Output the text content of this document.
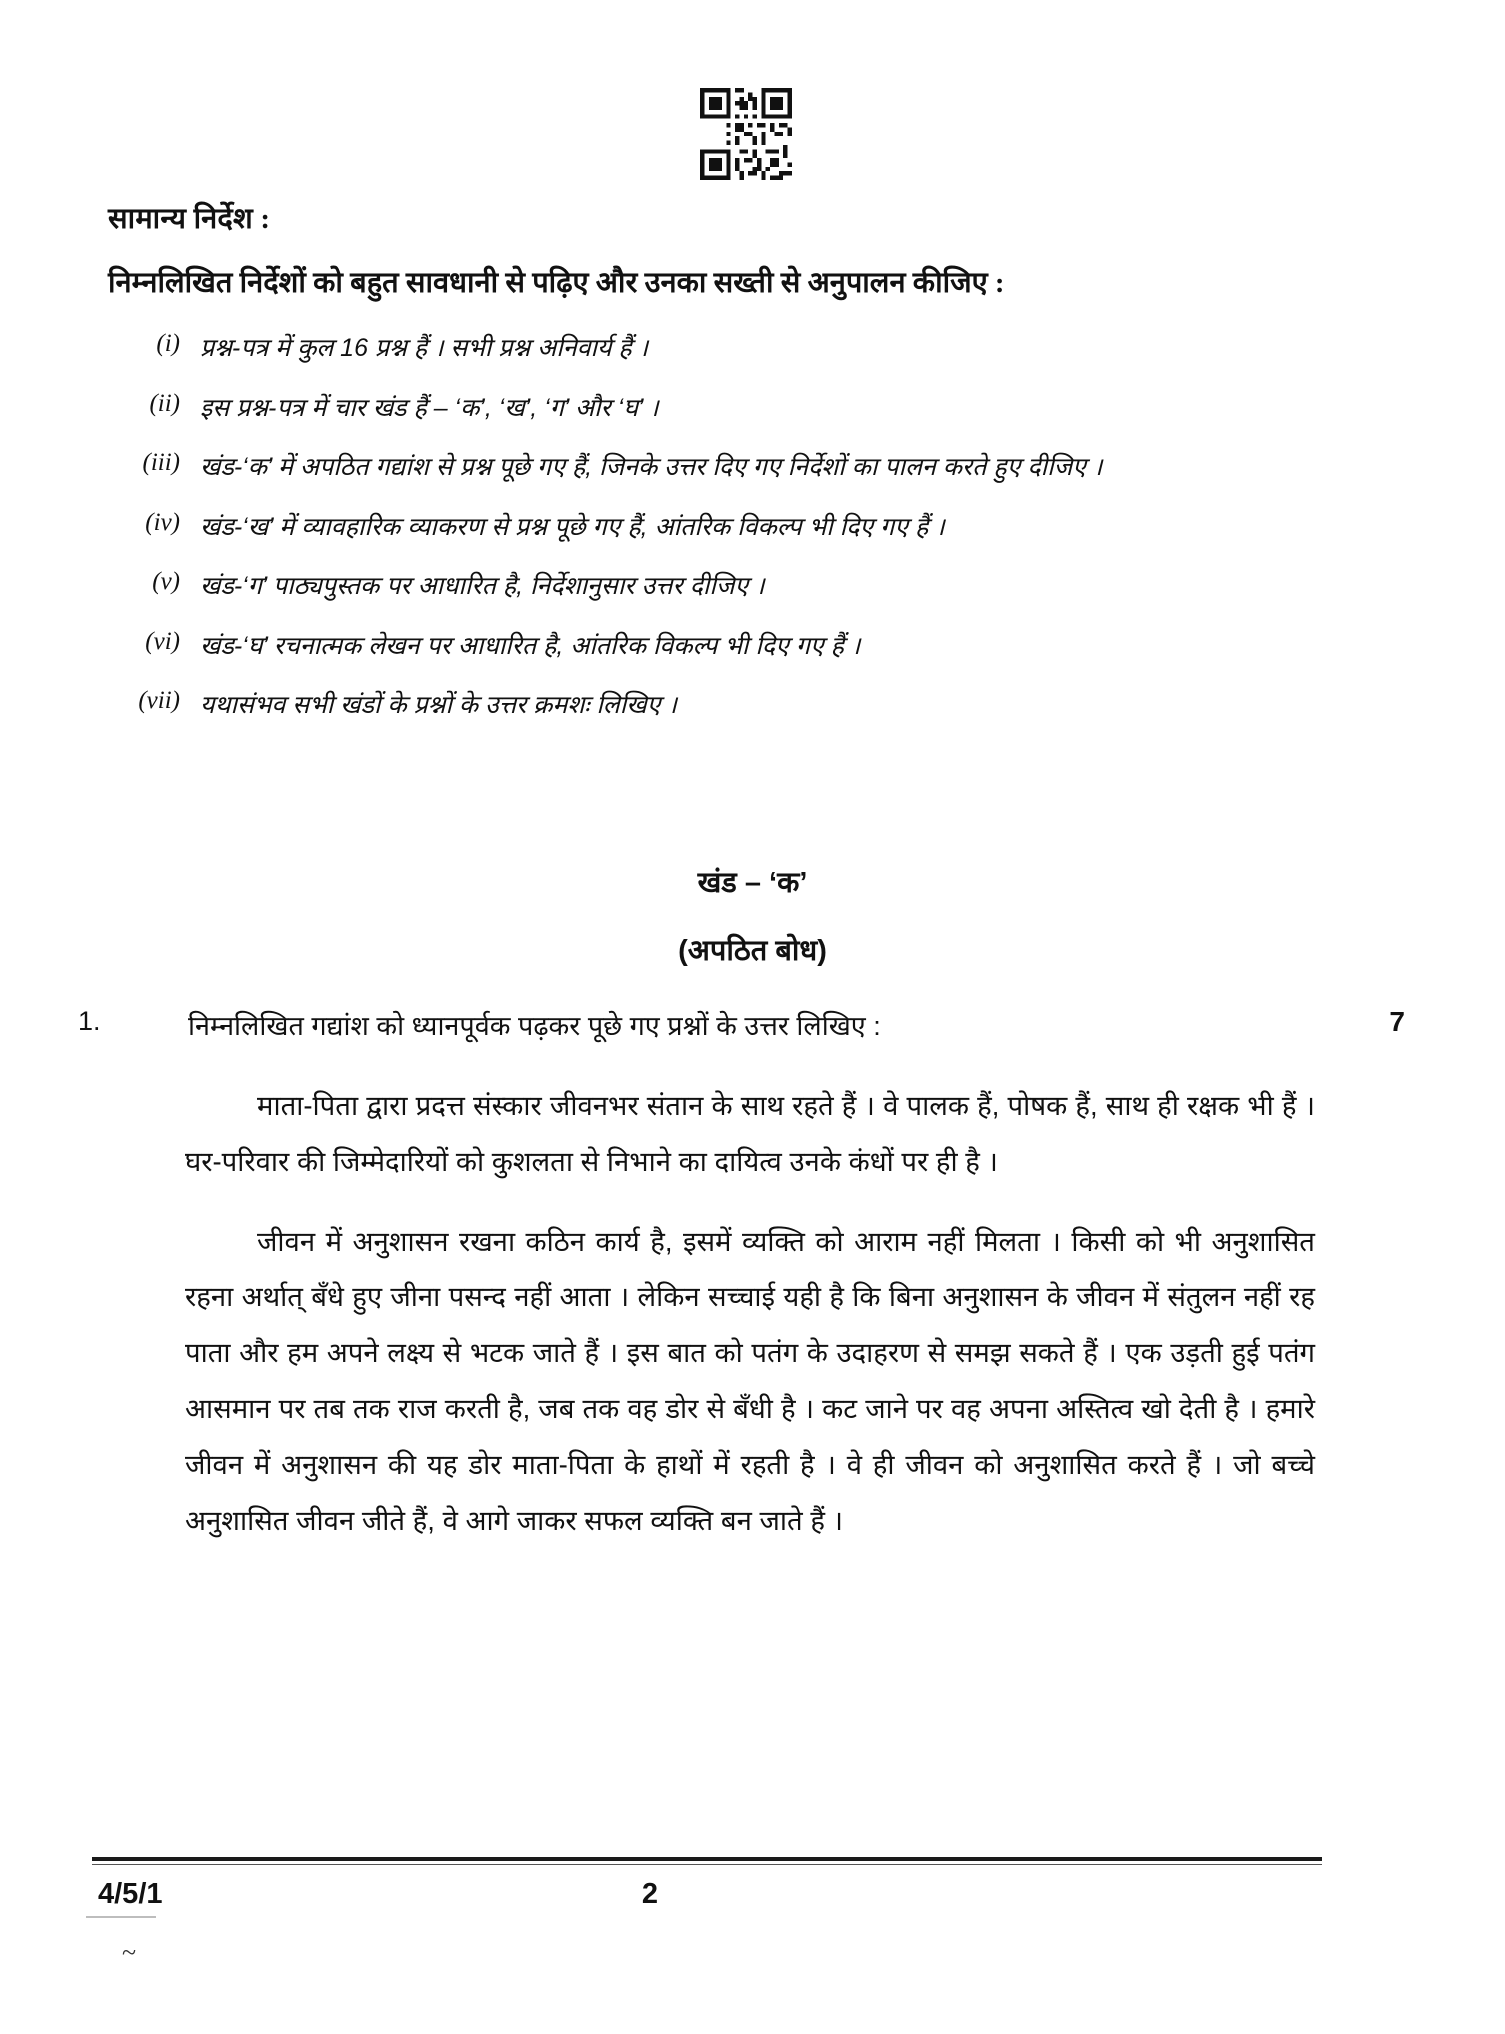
सामान्य निर्देश :
निम्नलिखित निर्देशों को बहुत सावधानी से पढ़िए और उनका सख्ती से अनुपालन कीजिए :
(i) प्रश्न-पत्र में कुल 16 प्रश्न हैं । सभी प्रश्न अनिवार्य हैं ।
(ii) इस प्रश्न-पत्र में चार खंड हैं – ‘क’, ‘ख’, ‘ग’ और ‘घ’ ।
(iii) खंड-‘क’ में अपठित गद्यांश से प्रश्न पूछे गए हैं, जिनके उत्तर दिए गए निर्देशों का पालन करते हुए दीजिए ।
(iv) खंड-‘ख’ में व्यावहारिक व्याकरण से प्रश्न पूछे गए हैं, आंतरिक विकल्प भी दिए गए हैं ।
(v) खंड-‘ग’ पाठ्यपुस्तक पर आधारित है, निर्देशानुसार उत्तर दीजिए ।
(vi) खंड-‘घ’ रचनात्मक लेखन पर आधारित है, आंतरिक विकल्प भी दिए गए हैं ।
(vii) यथासंभव सभी खंडों के प्रश्नों के उत्तर क्रमशः लिखिए ।
खंड – ‘क’
(अपठित बोध)
1.	निम्नलिखित गद्यांश को ध्यानपूर्वक पढ़कर पूछे गए प्रश्नों के उत्तर लिखिए :	7

माता-पिता द्वारा प्रदत्त संस्कार जीवनभर संतान के साथ रहते हैं । वे पालक हैं, पोषक हैं, साथ ही रक्षक भी हैं । घर-परिवार की जिम्मेदारियों को कुशलता से निभाने का दायित्व उनके कंधों पर ही है ।

जीवन में अनुशासन रखना कठिन कार्य है, इसमें व्यक्ति को आराम नहीं मिलता । किसी को भी अनुशासित रहना अर्थात् बँधे हुए जीना पसन्द नहीं आता । लेकिन सच्चाई यही है कि बिना अनुशासन के जीवन में संतुलन नहीं रह पाता और हम अपने लक्ष्य से भटक जाते हैं । इस बात को पतंग के उदाहरण से समझ सकते हैं । एक उड़ती हुई पतंग आसमान पर तब तक राज करती है, जब तक वह डोर से बँधी है । कट जाने पर वह अपना अस्तित्व खो देती है । हमारे जीवन में अनुशासन की यह डोर माता-पिता के हाथों में रहती है । वे ही जीवन को अनुशासित करते हैं । जो बच्चे अनुशासित जीवन जीते हैं, वे आगे जाकर सफल व्यक्ति बन जाते हैं ।

4/5/1	2
~
